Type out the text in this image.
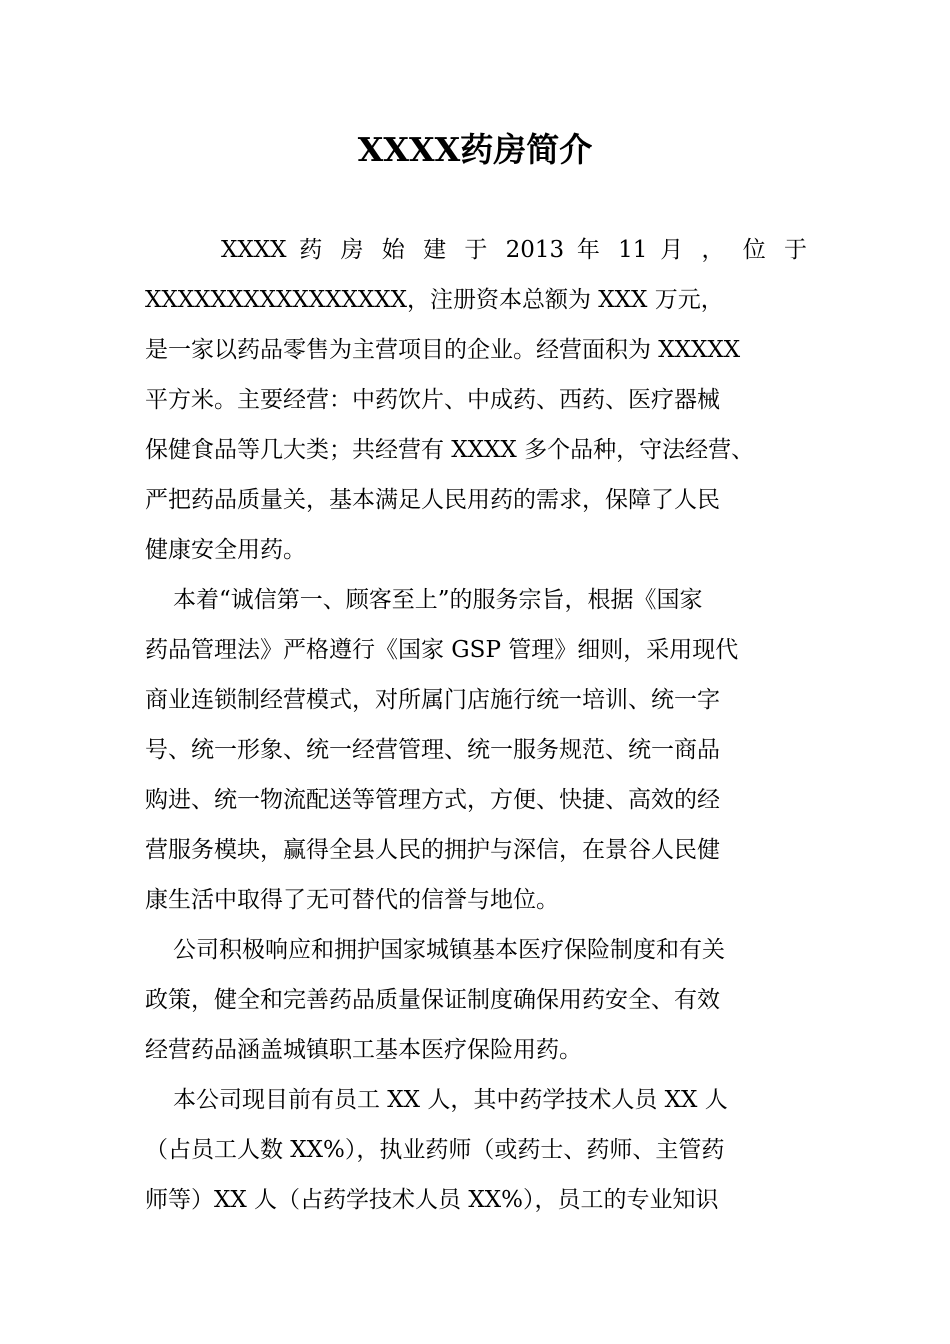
XXXX药房简介
XXXX 药 房 始 建 于 2013 年 11 月 ， 位 于
XXXXXXXXXXXXXXXX，注册资本总额为 XXX 万元，
是一家以药品零售为主营项目的企业。经营面积为 XXXXX
平方米。主要经营：中药饮片、中成药、西药、医疗器械
保健食品等几大类；共经营有 XXXX 多个品种，守法经营、
严把药品质量关，基本满足人民用药的需求，保障了人民
健康安全用药。
本着“诚信第一、顾客至上”的服务宗旨，根据《国家
药品管理法》严格遵行《国家 GSP 管理》细则，采用现代
商业连锁制经营模式，对所属门店施行统一培训、统一字
号、统一形象、统一经营管理、统一服务规范、统一商品
购进、统一物流配送等管理方式，方便、快捷、高效的经
营服务模块，赢得全县人民的拥护与深信，在景谷人民健
康生活中取得了无可替代的信誉与地位。
公司积极响应和拥护国家城镇基本医疗保险制度和有关
政策，健全和完善药品质量保证制度确保用药安全、有效
经营药品涵盖城镇职工基本医疗保险用药。
本公司现目前有员工 XX 人，其中药学技术人员 XX 人
（占员工人数 XX%），执业药师（或药士、药师、主管药
师等）XX 人（占药学技术人员 XX%），员工的专业知识
